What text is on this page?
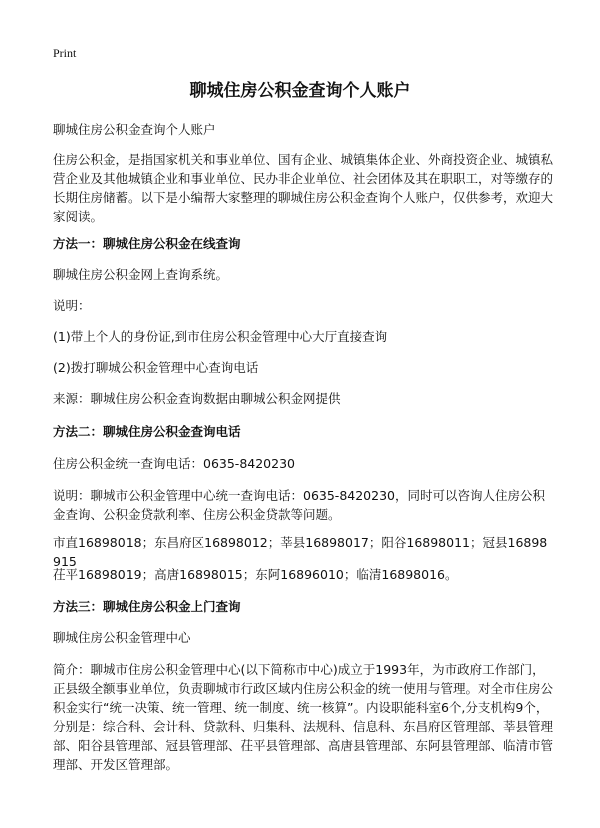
Print
聊城住房公积金查询个人账户

聊城住房公积金查询个人账户

住房公积金，是指国家机关和事业单位、国有企业、城镇集体企业、外商投资企业、城镇私营企业及其他城镇企业和事业单位、民办非企业单位、社会团体及其在职职工，对等缴存的长期住房储蓄。以下是小编帮大家整理的聊城住房公积金查询个人账户，仅供参考，欢迎大家阅读。

方法一：聊城住房公积金在线查询

聊城住房公积金网上查询系统。

说明：

(1)带上个人的身份证,到市住房公积金管理中心大厅直接查询

(2)拨打聊城公积金管理中心查询电话

来源：聊城住房公积金查询数据由聊城公积金网提供

方法二：聊城住房公积金查询电话

住房公积金统一查询电话：0635-8420230

说明：聊城市公积金管理中心统一查询电话：0635-8420230，同时可以咨询人住房公积金查询、公积金贷款利率、住房公积金贷款等问题。

市直16898018；东昌府区16898012；莘县16898017；阳谷16898011；冠县16898915

茌平16898019；高唐16898015；东阿16896010；临清16898016。

方法三：聊城住房公积金上门查询

聊城住房公积金管理中心

简介：聊城市住房公积金管理中心(以下简称市中心)成立于1993年，为市政府工作部门，正县级全额事业单位，负责聊城市行政区域内住房公积金的统一使用与管理。对全市住房公积金实行“统一决策、统一管理、统一制度、统一核算”。内设职能科室6个,分支机构9个，分别是：综合科、会计科、贷款科、归集科、法规科、信息科、东昌府区管理部、莘县管理部、阳谷县管理部、冠县管理部、茌平县管理部、高唐县管理部、东阿县管理部、临清市管理部、开发区管理部。
